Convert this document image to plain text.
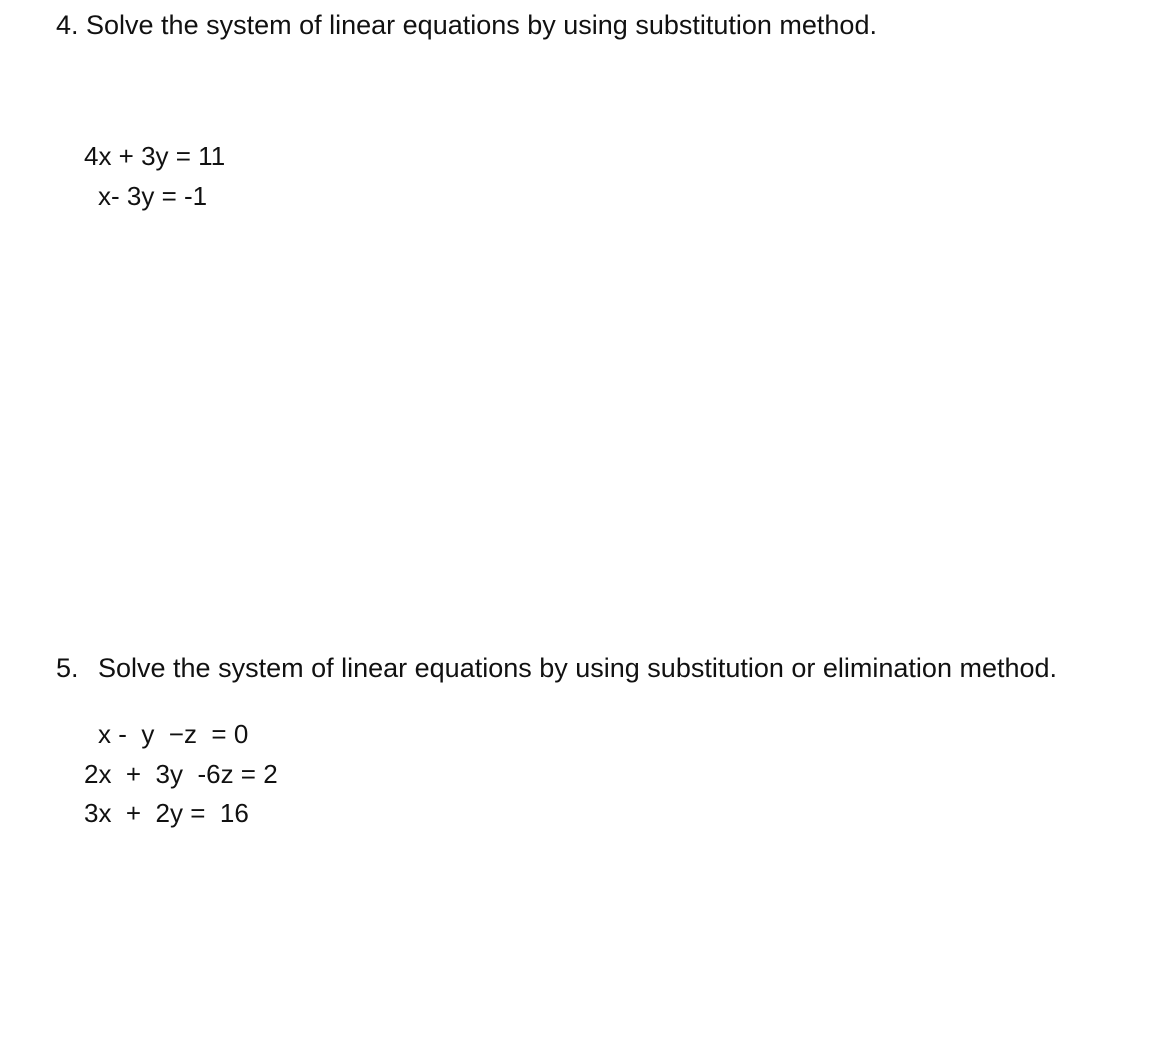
4. Solve the system of linear equations by using substitution method.
4x + 3y = 11
x- 3y = -1
5. Solve the system of linear equations by using substitution or elimination method.
x -  y  −z  = 0
2x  +  3y  -6z = 2
3x  +  2y =  16
